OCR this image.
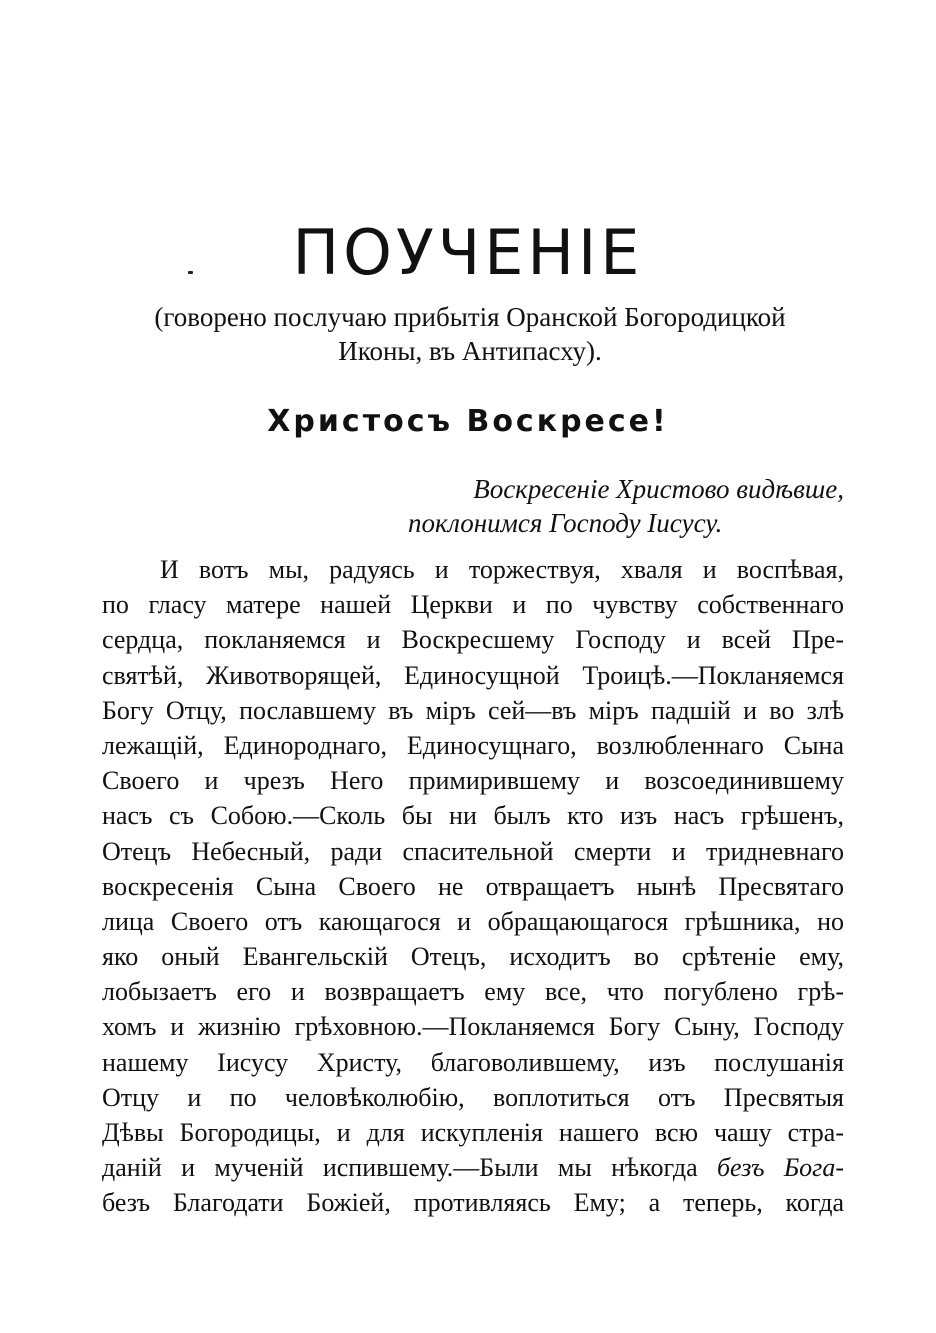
ПОУЧЕНІЕ
(говорено послучаю прибытія Оранской Богородицкой
Иконы, въ Антипасху).
Христосъ Воскресе!
Воскресеніе Христово видѣвше,
поклонимся Господу Іисусу.
И вотъ мы, радуясь и торжествуя, хваля и воспѣвая,
по гласу матере нашей Церкви и по чувству собственнаго
сердца, покланяемся и Воскресшему Господу и всей Пре-
святѣй, Животворящей, Единосущной Троицѣ.—Покланяемся
Богу Отцу, пославшему въ міръ сей—въ міръ падшій и во злѣ
лежащій, Единороднаго, Единосущнаго, возлюбленнаго Сына
Своего и чрезъ Него примирившему и возсоединившему
насъ съ Собою.—Сколь бы ни былъ кто изъ насъ грѣшенъ,
Отецъ Небесный, ради спасительной смерти и тридневнаго
воскресенія Сына Своего не отвращаетъ нынѣ Пресвятаго
лица Своего отъ кающагося и обращающагося грѣшника, но
яко оный Евангельскій Отецъ, исходитъ во срѣтеніе ему,
лобызаетъ его и возвращаетъ ему все, что погублено грѣ-
хомъ и жизнію грѣховною.—Покланяемся Богу Сыну, Господу
нашему Іисусу Христу, благоволившему, изъ послушанія
Отцу и по человѣколюбію, воплотиться отъ Пресвятыя
Дѣвы Богородицы, и для искупленія нашего всю чашу стра-
даній и мученій испившему.—Были мы нѣкогда безъ Бога-
безъ Благодати Божіей, противляясь Ему; а теперь, когда
